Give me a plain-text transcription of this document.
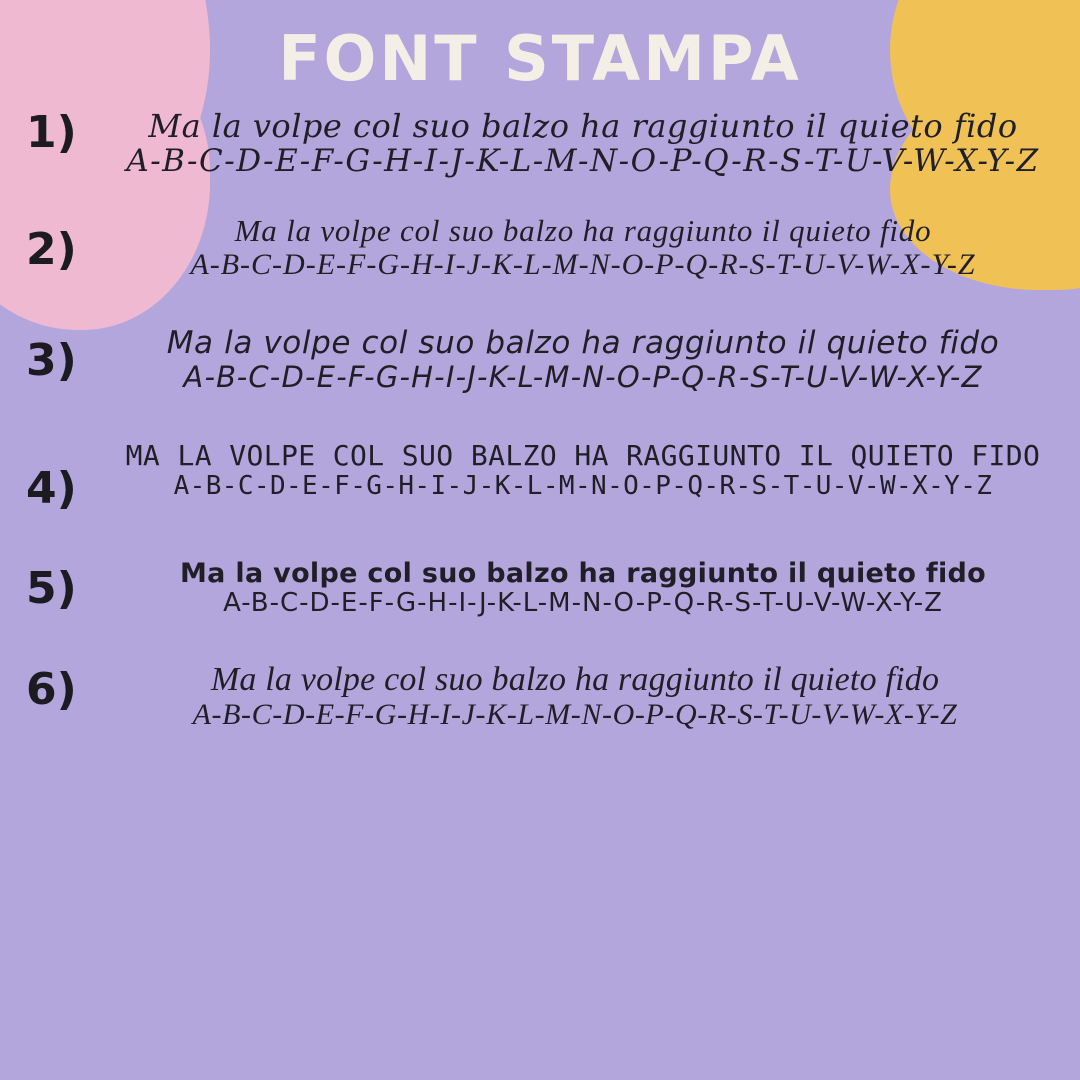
FONT STAMPA
1)	Ma la volpe col suo balzo ha raggiunto il quieto fido
A-B-C-D-E-F-G-H-I-J-K-L-M-N-O-P-Q-R-S-T-U-V-W-X-Y-Z
2)	Ma la volpe col suo balzo ha raggiunto il quieto fido
A-B-C-D-E-F-G-H-I-J-K-L-M-N-O-P-Q-R-S-T-U-V-W-X-Y-Z
3)	Ma la volpe col suo balzo ha raggiunto il quieto fido
A-B-C-D-E-F-G-H-I-J-K-L-M-N-O-P-Q-R-S-T-U-V-W-X-Y-Z
4)
MA LA VOLPE COL SUO BALZO HA RAGGIUNTO IL QUIETO FIDO
A-B-C-D-E-F-G-H-I-J-K-L-M-N-O-P-Q-R-S-T-U-V-W-X-Y-Z
5)	Ma la volpe col suo balzo ha raggiunto il quieto fido
A-B-C-D-E-F-G-H-I-J-K-L-M-N-O-P-Q-R-S-T-U-V-W-X-Y-Z
6)	Ma la volpe col suo balzo ha raggiunto il quieto fido
A-B-C-D-E-F-G-H-I-J-K-L-M-N-O-P-Q-R-S-T-U-V-W-X-Y-Z
